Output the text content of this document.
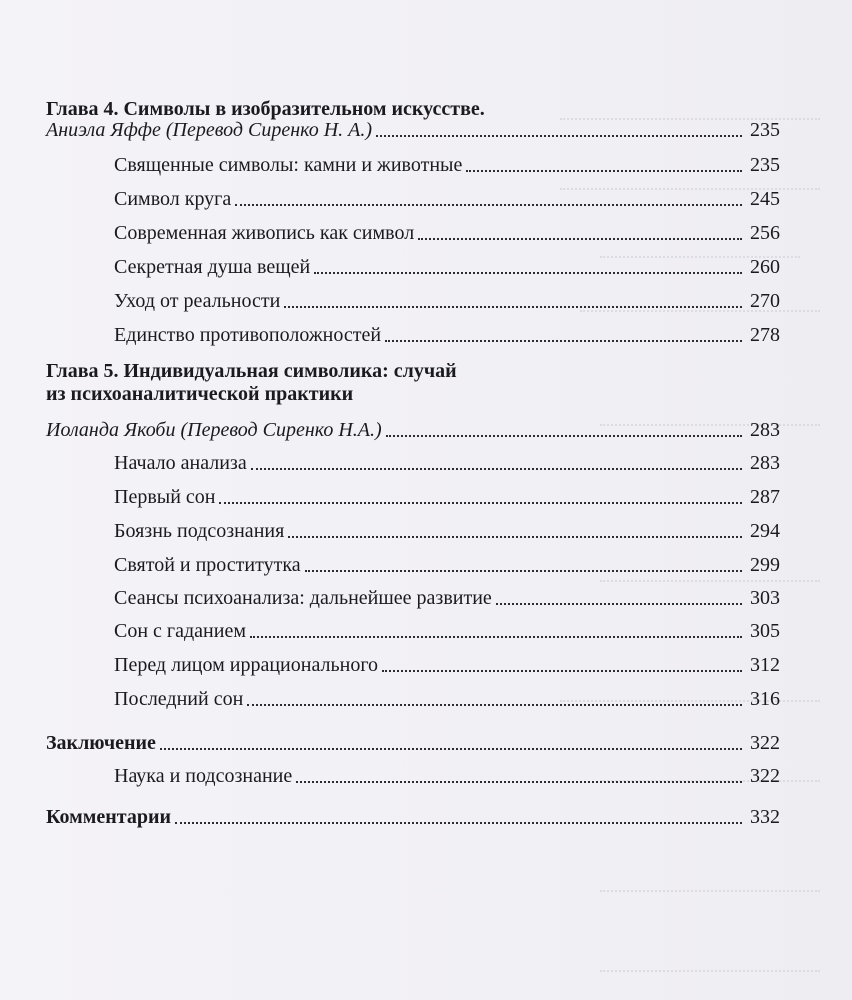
Глава 4. Символы в изобразительном искусстве.
Аниэла Яффе (Перевод Сиренко Н. А.)	235
Священные символы: камни и животные	235
Символ круга	245
Современная живопись как символ	256
Секретная душа вещей	260
Уход от реальности	270
Единство противоположностей	278
Глава 5. Индивидуальная символика: случай
из психоаналитической практики
Иоланда Якоби (Перевод Сиренко Н.А.)	283
Начало анализа	283
Первый сон	287
Боязнь подсознания	294
Святой и проститутка	299
Сеансы психоанализа: дальнейшее развитие	303
Сон с гаданием	305
Перед лицом иррационального	312
Последний сон	316
Заключение	322
Наука и подсознание	322
Комментарии	332
